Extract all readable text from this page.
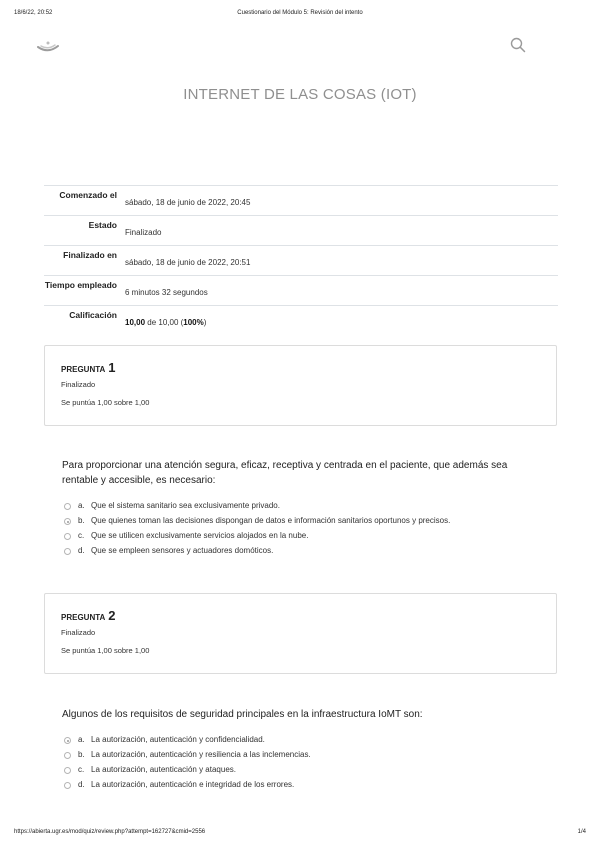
18/6/22, 20:52	Cuestionario del Módulo 5: Revisión del intento
INTERNET DE LAS COSAS (IOT)
Comenzado el
sábado, 18 de junio de 2022, 20:45
Estado
Finalizado
Finalizado en
sábado, 18 de junio de 2022, 20:51
Tiempo empleado
6 minutos 32 segundos
Calificación
10,00 de 10,00 (100%)
PREGUNTA 1
Finalizado
Se puntúa 1,00 sobre 1,00
Para proporcionar una atención segura, eficaz, receptiva y centrada en el paciente, que además sea rentable y accesible, es necesario:
a. Que el sistema sanitario sea exclusivamente privado.
b. Que quienes toman las decisiones dispongan de datos e información sanitarios oportunos y precisos.
c. Que se utilicen exclusivamente servicios alojados en la nube.
d. Que se empleen sensores y actuadores domóticos.
PREGUNTA 2
Finalizado
Se puntúa 1,00 sobre 1,00
Algunos de los requisitos de seguridad principales en la infraestructura IoMT son:
a. La autorización, autenticación y confidencialidad.
b. La autorización, autenticación y resiliencia a las inclemencias.
c. La autorización, autenticación y ataques.
d. La autorización, autenticación e integridad de los errores.
https://abierta.ugr.es/mod/quiz/review.php?attempt=162727&cmid=2556	1/4
